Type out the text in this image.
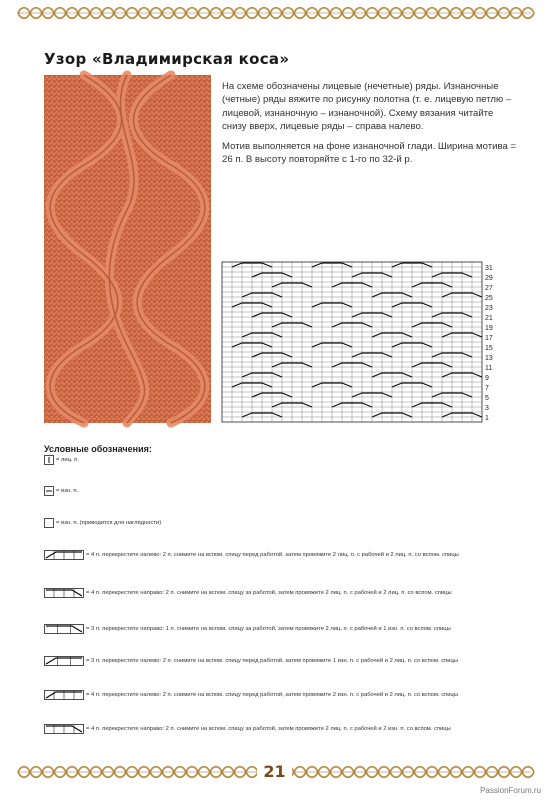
Узор «Владимирская коса»

На схеме обозначены лицевые (нечетные) ряды. Изнаночные (четные) ряды вяжите по рисунку полотна (т. е. лицевую петлю – лицевой, изнаночную – изнаночной). Схему вязания читайте снизу вверх, лицевые ряды – справа налево.

Мотив выполняется на фоне изнаночной глади. Ширина мотива = 26 п. В высоту повторяйте с 1-го по 32-й р.

31
29
27
25
23
21
19
17
15
13
11
9
7
5
3
1
Условные обозначения:
= лиц. п.
= изн. п.
= изн. п. (приводится для наглядности)
= 4 п. перекрестите налево: 2 п. снимите на вспом. спицу перед работой, затем провяжите 2 лиц. п. с рабочей и 2 лиц. п. со вспом. спицы
= 4 п. перекрестите направо: 2 п. снимите на вспом. спицу за работой, затем провяжите 2 лиц. п. с рабочей и 2 лиц. п. со вспом. спицы
= 3 п. перекрестите направо: 1 п. снимите на вспом. спицу за работой, затем провяжите 2 лиц. п. с рабочей и 1 изн. п. со вспом. спицы
= 3 п. перекрестите налево: 2 п. снимите на вспом. спицу перед работой, затем провяжите 1 изн. п. с рабочей и 2 лиц. п. со вспом. спицы
= 4 п. перекрестите налево: 2 п. снимите на вспом. спицу перед работой, затем провяжите 2 изн. п. с рабочей и 2 лиц. п. со вспом. спицы
= 4 п. перекрестите направо: 2 п. снимите на вспом. спицу за работой, затем провяжите 2 лиц. п. с рабочей и 2 изн. п. со вспом. спицы
21
PassionForum.ru
